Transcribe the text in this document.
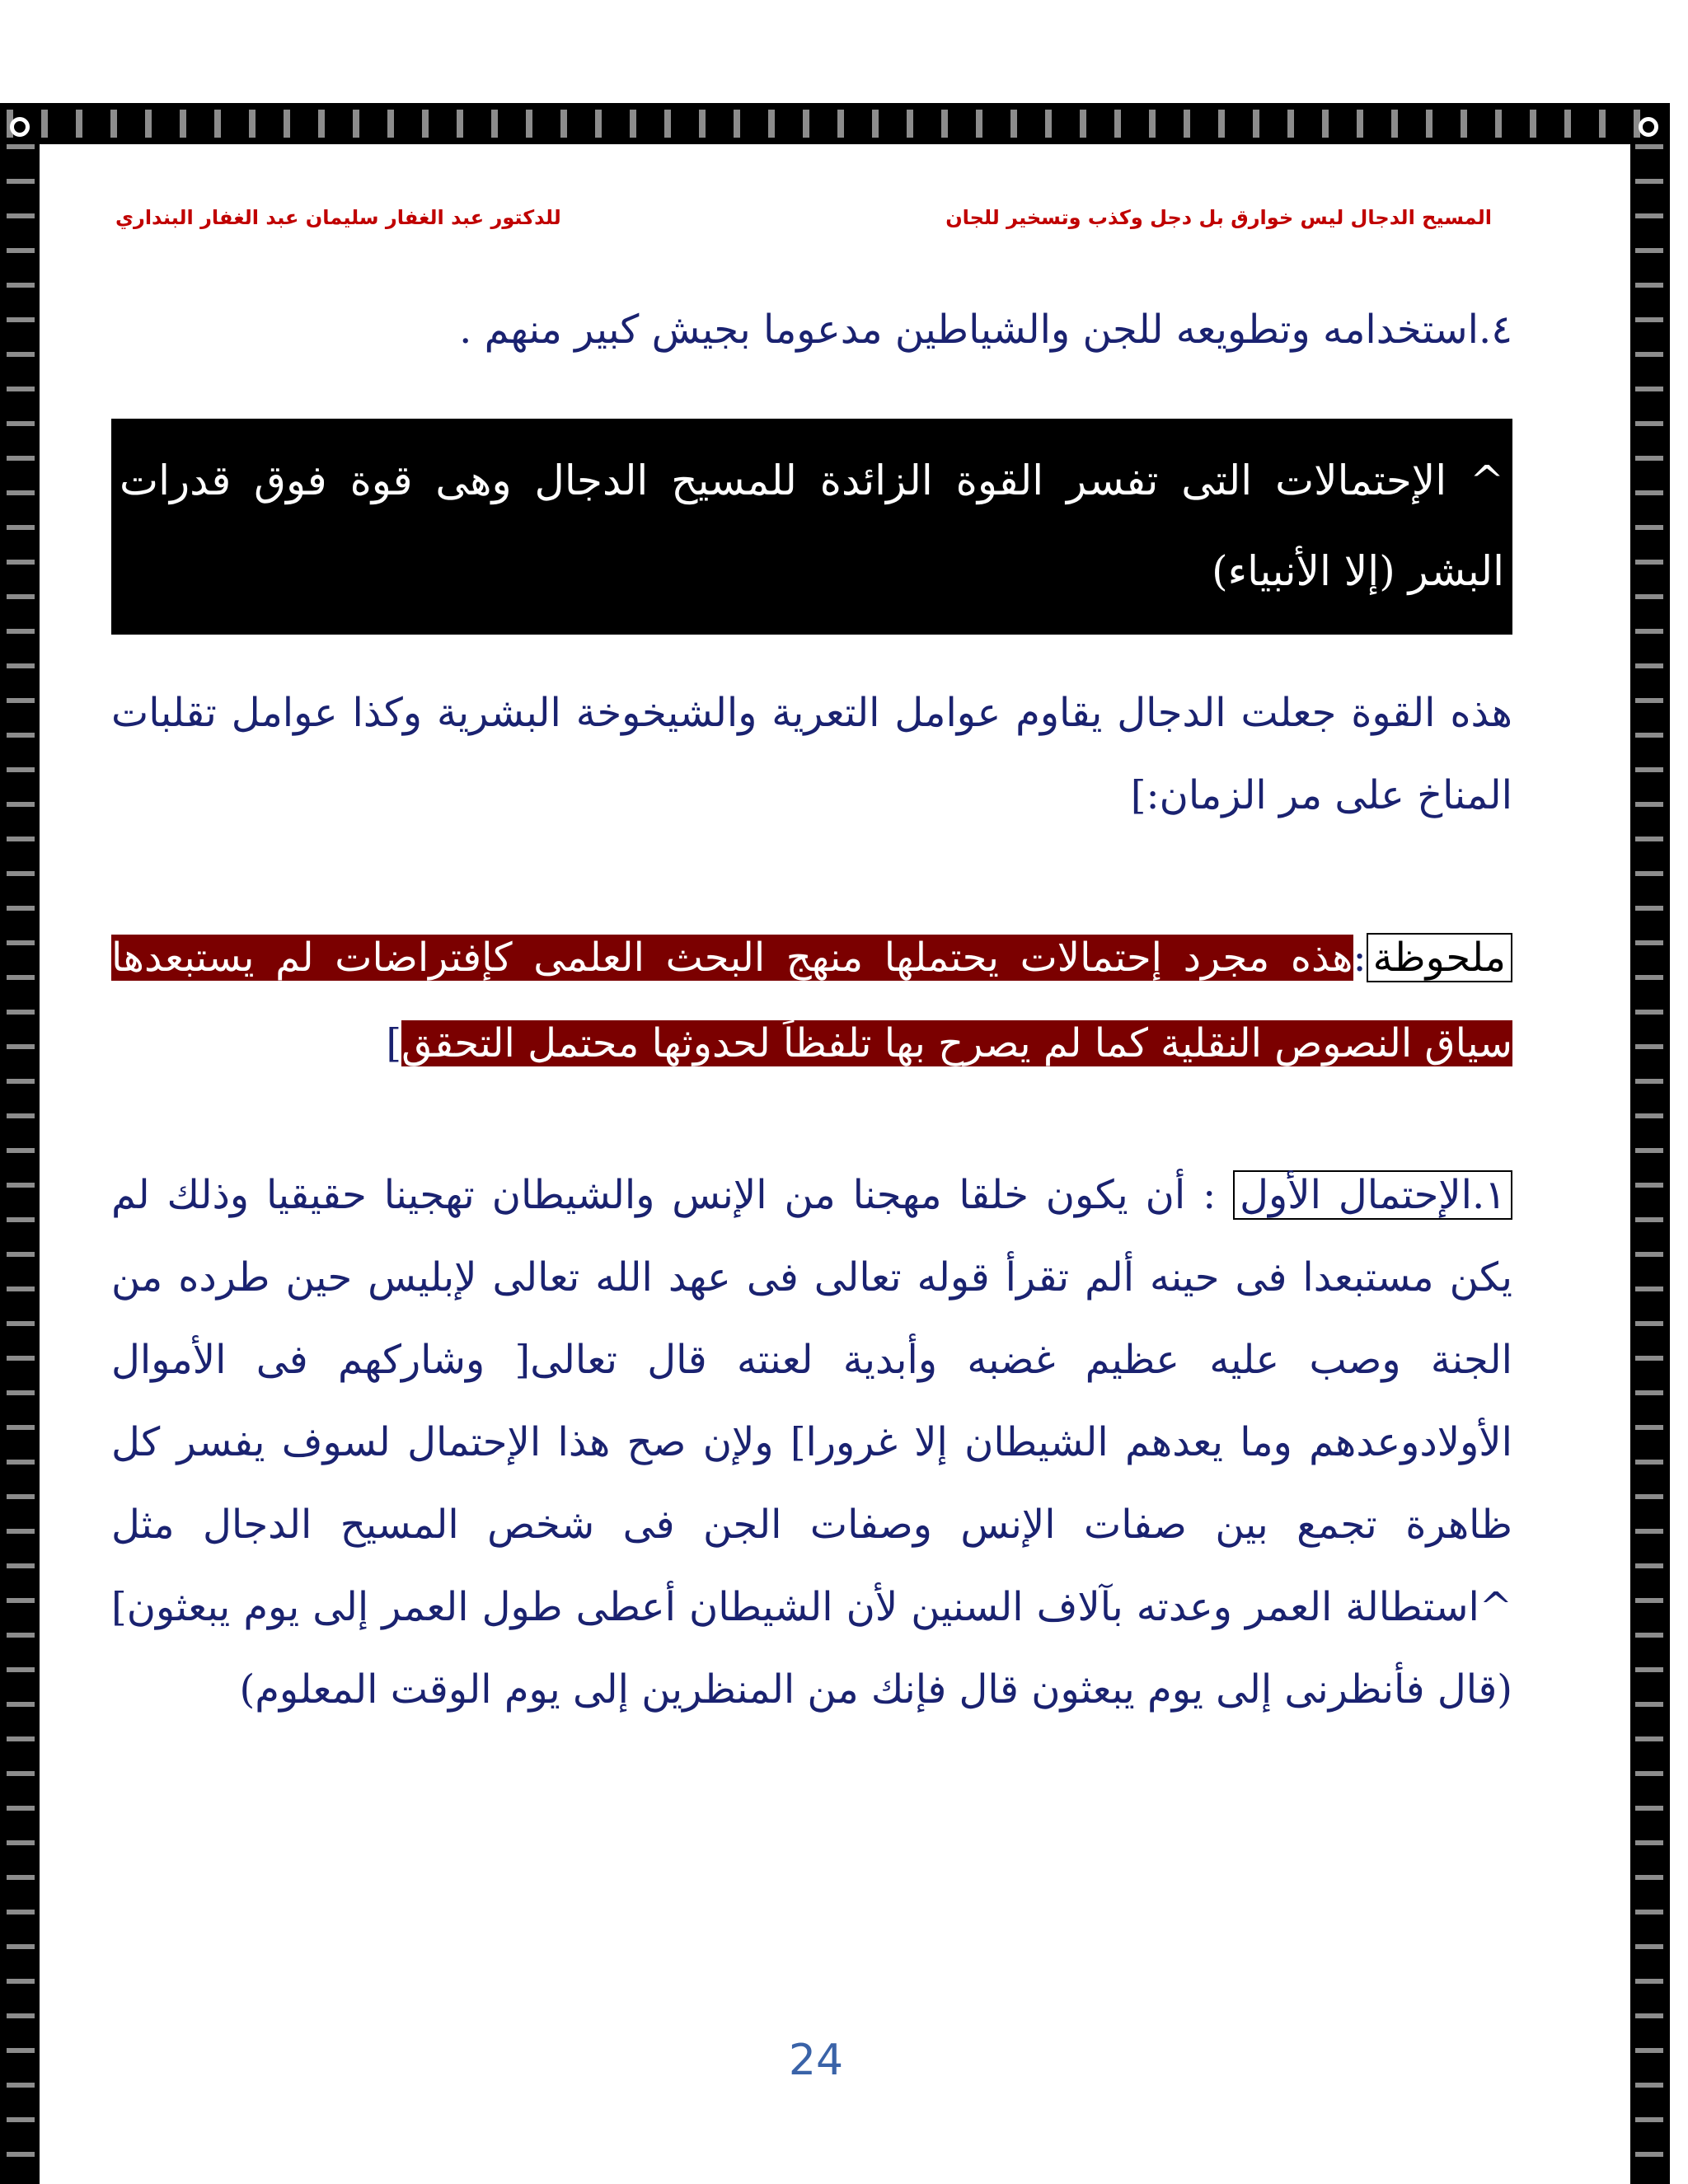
المسيح الدجال ليس خوارق بل دجل وكذب وتسخير للجان
للدكتور عبد الغفار سليمان عبد الغفار البنداري
٤.استخدامه وتطويعه للجن والشياطين مدعوما بجيش كبير منهم .
^ الإحتمالات التى تفسر القوة الزائدة للمسيح الدجال وهى قوة فوق قدرات البشر (إلا الأنبياء)
هذه القوة جعلت الدجال يقاوم عوامل التعرية والشيخوخة البشرية وكذا عوامل تقلبات المناخ على مر الزمان:]
ملحوظة:هذه مجرد إحتمالات يحتملها منهج البحث العلمى كإفتراضات لم يستبعدها سياق النصوص النقلية كما لم يصرح بها تلفظاً لحدوثها محتمل التحقق]
١.الإحتمال الأول : أن يكون خلقا مهجنا من الإنس والشيطان تهجينا حقيقيا وذلك لم يكن مستبعدا فى حينه ألم تقرأ قوله تعالى فى عهد الله تعالى لإبليس حين طرده من الجنة وصب عليه عظيم غضبه وأبدية لعنته قال تعالى[ وشاركهم فى الأموال الأولادوعدهم وما يعدهم الشيطان إلا غرورا] ولإن صح هذا الإحتمال لسوف يفسر كل ظاهرة تجمع بين صفات الإنس وصفات الجن فى شخص المسيح الدجال مثل ^استطالة العمر وعدته بآلاف السنين لأن الشيطان أعطى طول العمر إلى يوم يبعثون] (قال فأنظرنى إلى يوم يبعثون قال فإنك من المنظرين إلى يوم الوقت المعلوم)
24
